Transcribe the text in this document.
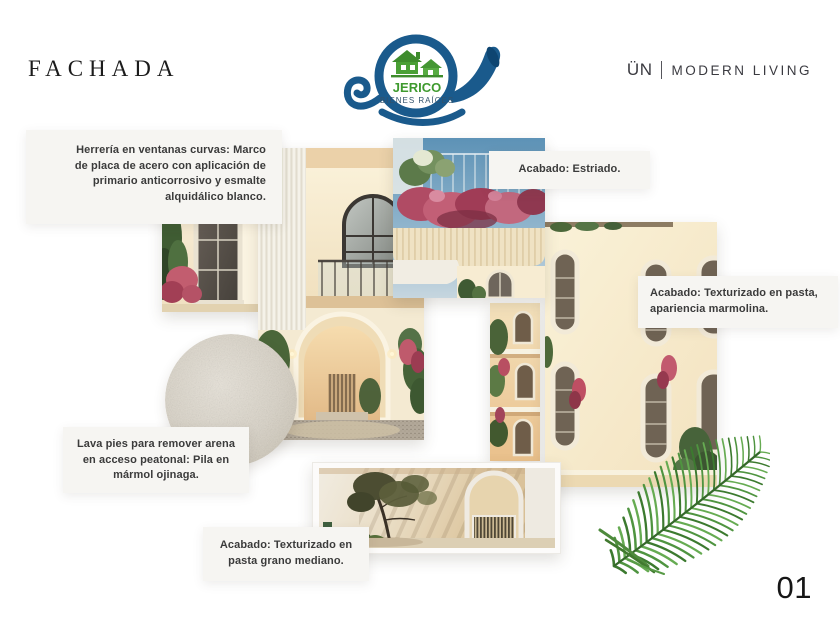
FACHADA	ÜN MODERN LIVING
JERICO
BIENES RAÍCES
Herrería en ventanas curvas: Marco de placa de acero con aplicación de primario anticorrosivo y esmalte alquidálico blanco.
Acabado: Estriado.
Acabado: Texturizado en pasta, apariencia marmolina.
Lava pies para remover arena en acceso peatonal: Pila en mármol ojinaga.
Acabado: Texturizado en pasta grano mediano.
01
